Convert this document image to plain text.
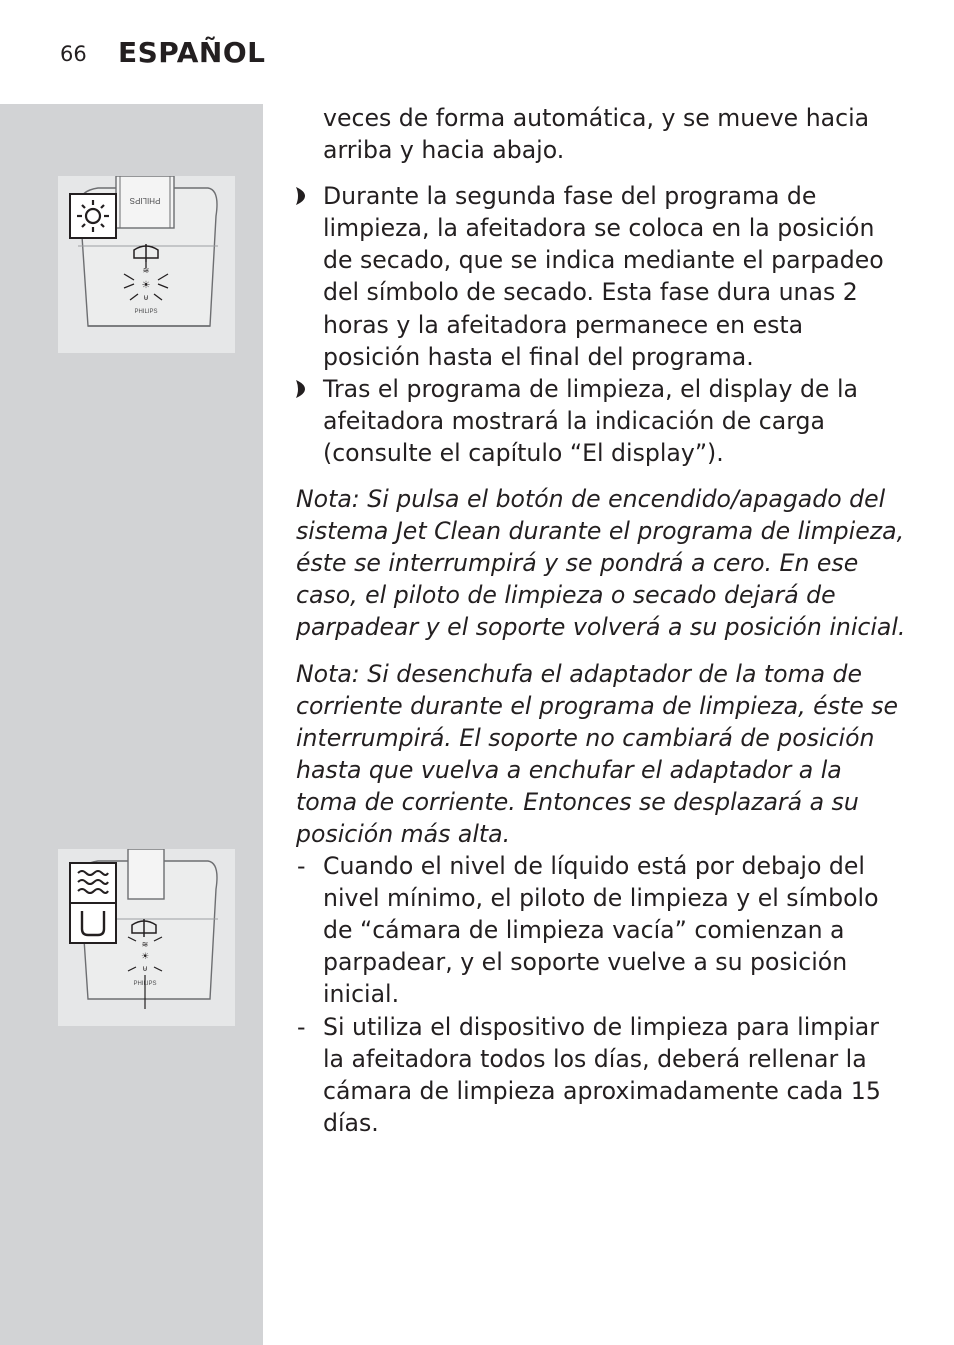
66 ESPAÑOL
PHILIPS
≋
☀
⊍
PHILIPS
≋
☀
⊍
PHILIPS

veces de forma automática, y se mueve hacia arriba y hacia abajo.

Durante la segunda fase del programa de limpieza, la afeitadora se coloca en la posición de secado, que se indica mediante el parpadeo del símbolo de secado. Esta fase dura unas 2 horas y la afeitadora permanece en esta posición hasta el final del programa.
Tras el programa de limpieza, el display de la afeitadora mostrará la indicación de carga (consulte el capítulo “El display”).

Nota: Si pulsa el botón de encendido/apagado del sistema Jet Clean durante el programa de limpieza, éste se interrumpirá y se pondrá a cero. En ese caso, el piloto de limpieza o secado dejará de parpadear y el soporte volverá a su posición inicial.

Nota: Si desenchufa el adaptador de la toma de corriente durante el programa de limpieza, éste se interrumpirá. El soporte no cambiará de posición hasta que vuelva a enchufar el adaptador a la toma de corriente. Entonces se desplazará a su posición más alta.

- Cuando el nivel de líquido está por debajo del nivel mínimo, el piloto de limpieza y el símbolo de “cámara de limpieza vacía” comienzan a parpadear, y el soporte vuelve a su posición inicial.
- Si utiliza el dispositivo de limpieza para limpiar la afeitadora todos los días, deberá rellenar la cámara de limpieza aproximadamente cada 15 días.
